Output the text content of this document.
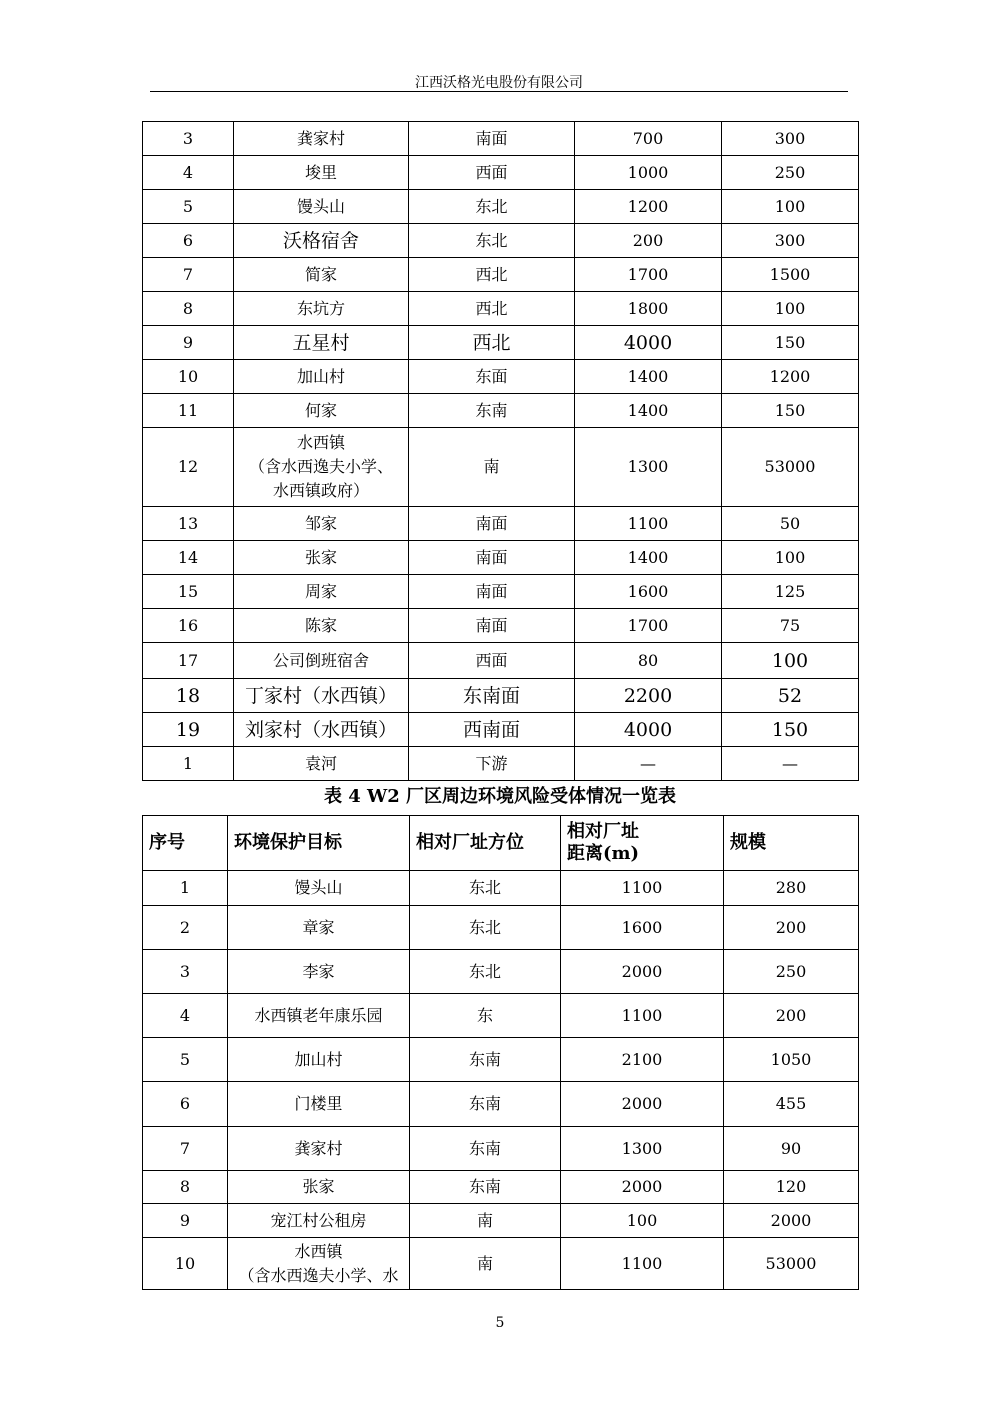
江西沃格光电股份有限公司
3	龚家村	南面	700	300
4	埈里	西面	1000	250
5	馒头山	东北	1200	100
6	沃格宿舍	东北	200	300
7	简家	西北	1700	1500
8	东坑方	西北	1800	100
9	五星村	西北	4000	150
10	加山村	东面	1400	1200
11	何家	东南	1400	150
12	水西镇
（含水西逸夫小学、
水西镇政府）	南	1300	53000
13	邹家	南面	1100	50
14	张家	南面	1400	100
15	周家	南面	1600	125
16	陈家	南面	1700	75
17	公司倒班宿舍	西面	80	100
18	丁家村（水西镇）	东南面	2200	52
19	刘家村（水西镇）	西南面	4000	150
1	袁河	下游	—	—
表 4 W2 厂区周边环境风险受体情况一览表
序号	环境保护目标	相对厂址方位	相对厂址
距离(m)	规模
1	馒头山	东北	1100	280
2	章家	东北	1600	200
3	李家	东北	2000	250
4	水西镇老年康乐园	东	1100	200
5	加山村	东南	2100	1050
6	门楼里	东南	2000	455
7	龚家村	东南	1300	90
8	张家	东南	2000	120
9	宠江村公租房	南	100	2000
10	水西镇
（含水西逸夫小学、水	南	1100	53000
5
